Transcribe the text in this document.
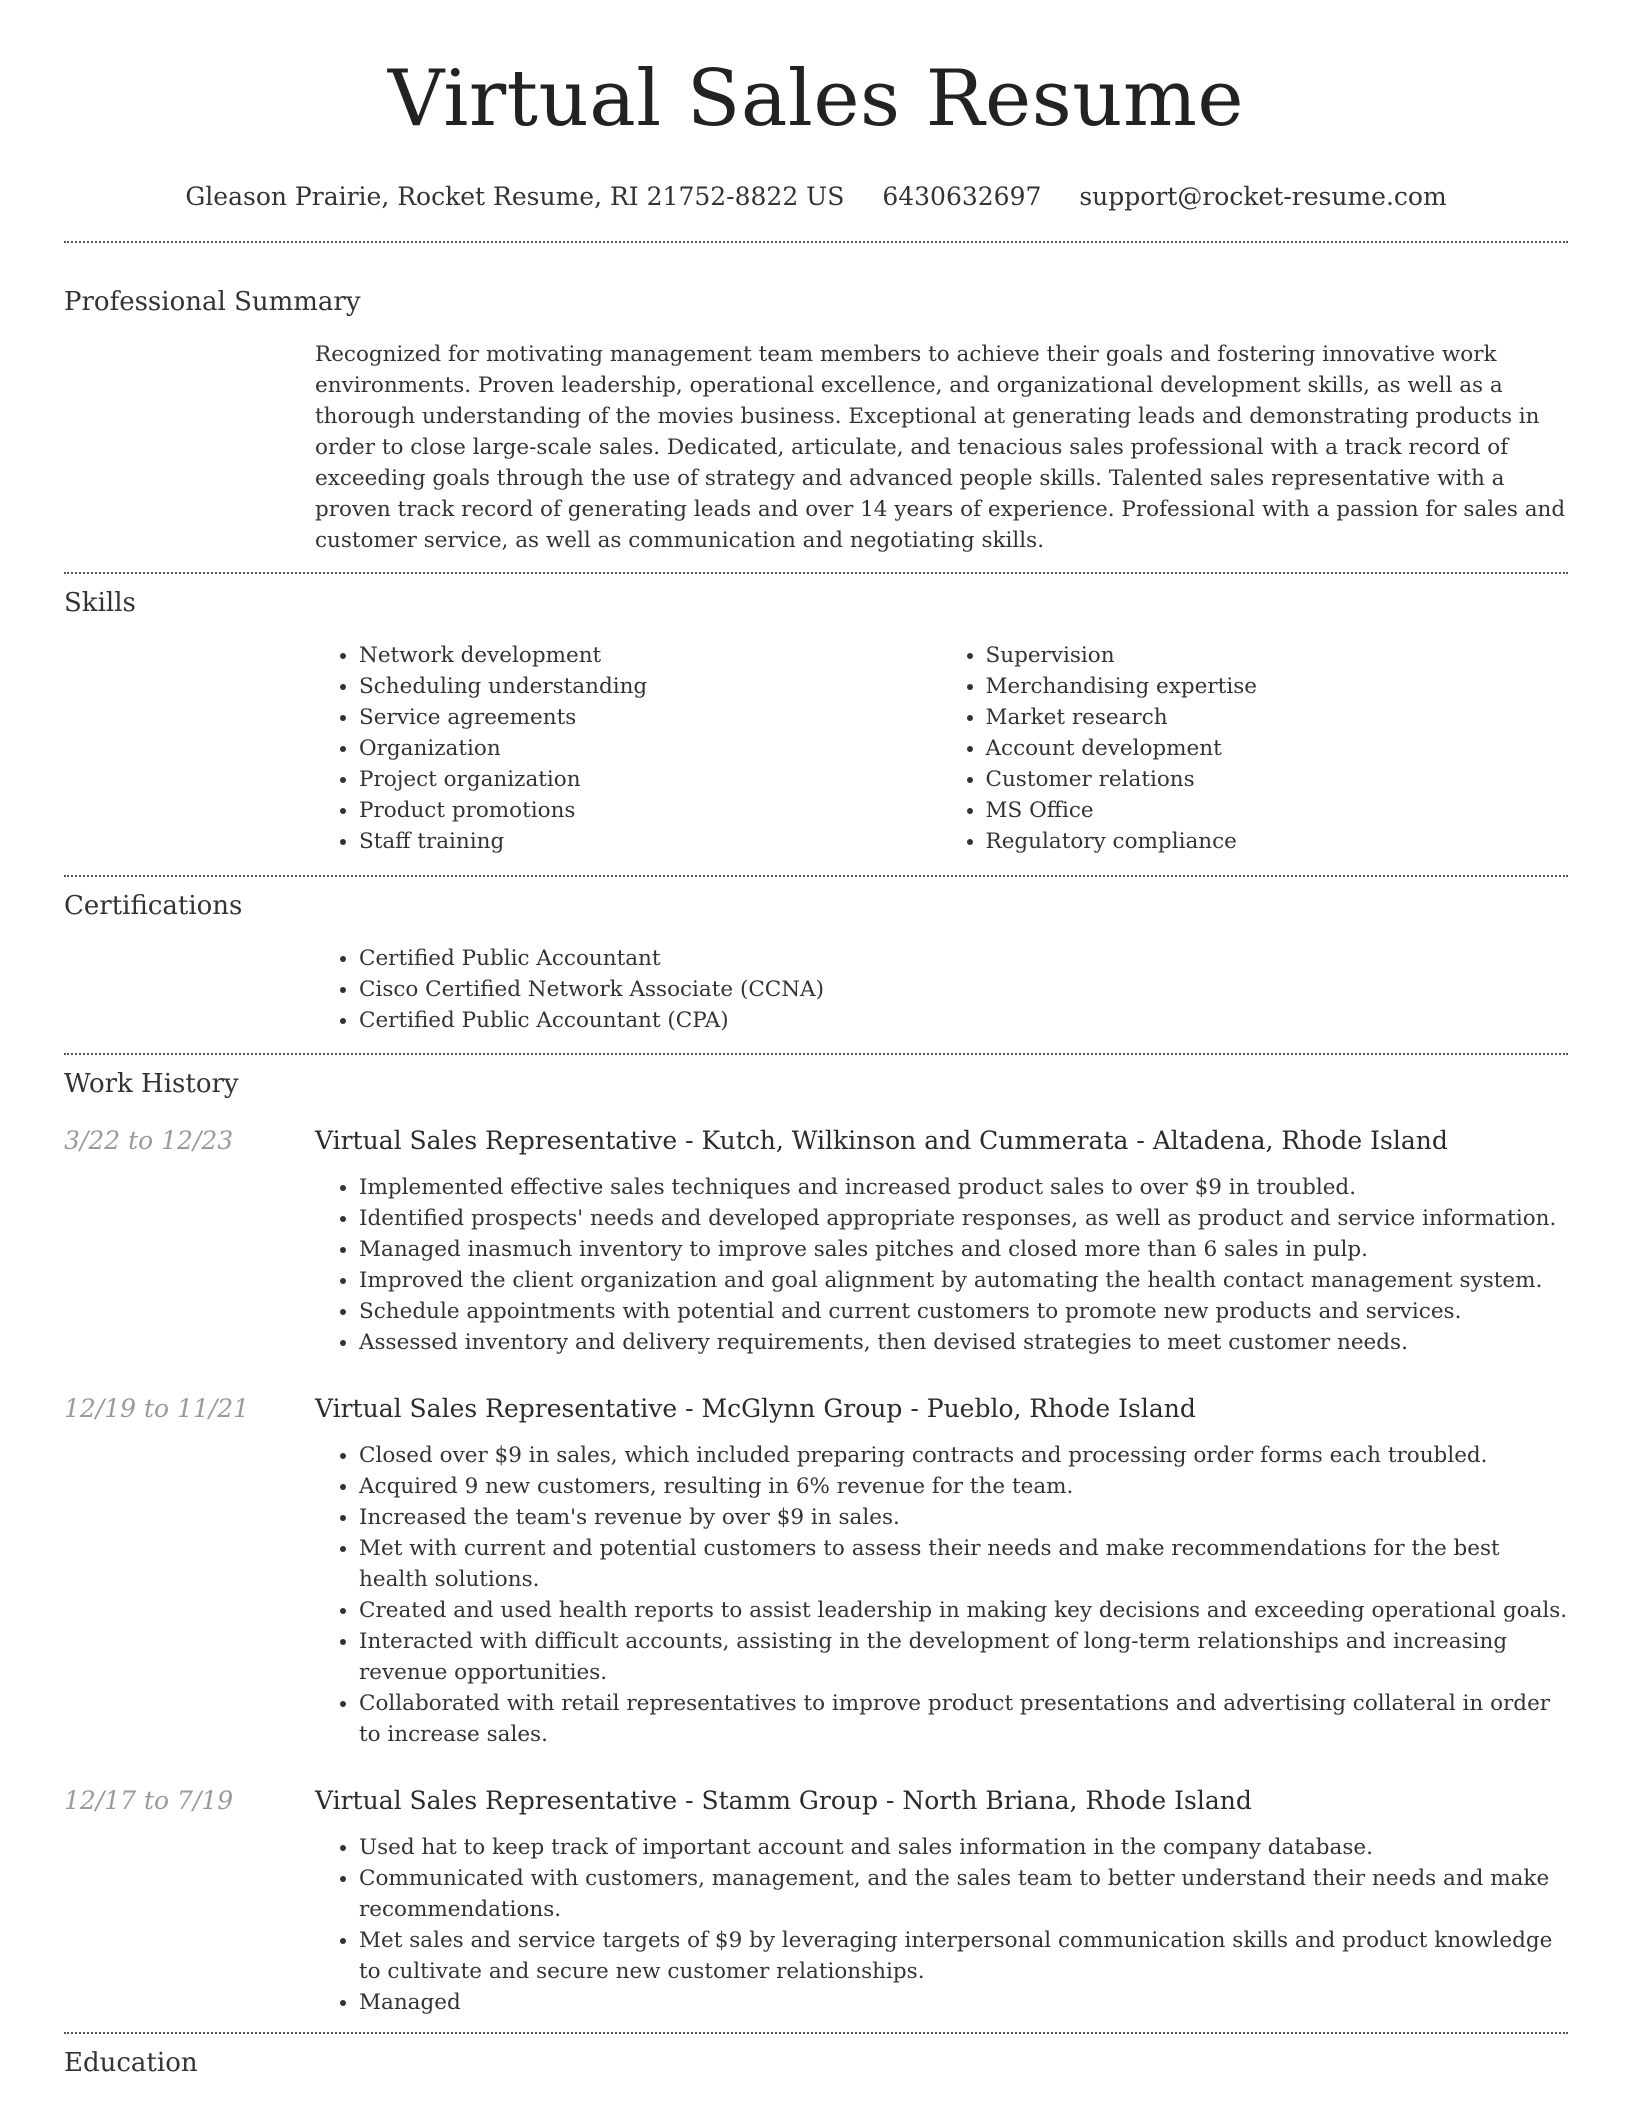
Virtual Sales Resume
Gleason Prairie, Rocket Resume, RI 21752-8822 US 6430632697 support@rocket-resume.com
Professional Summary
Recognized for motivating management team members to achieve their goals and fostering innovative work environments. Proven leadership, operational excellence, and organizational development skills, as well as a thorough understanding of the movies business. Exceptional at generating leads and demonstrating products in order to close large-scale sales. Dedicated, articulate, and tenacious sales professional with a track record of exceeding goals through the use of strategy and advanced people skills. Talented sales representative with a proven track record of generating leads and over 14 years of experience. Professional with a passion for sales and customer service, as well as communication and negotiating skills.
Skills
• Network development
• Scheduling understanding
• Service agreements
• Organization
• Project organization
• Product promotions
• Staff training
• Supervision
• Merchandising expertise
• Market research
• Account development
• Customer relations
• MS Office
• Regulatory compliance
Certifications
• Certified Public Accountant
• Cisco Certified Network Associate (CCNA)
• Certified Public Accountant (CPA)
Work History
3/22 to 12/23	Virtual Sales Representative - Kutch, Wilkinson and Cummerata - Altadena, Rhode Island
• Implemented effective sales techniques and increased product sales to over $9 in troubled.
• Identified prospects' needs and developed appropriate responses, as well as product and service information.
• Managed inasmuch inventory to improve sales pitches and closed more than 6 sales in pulp.
• Improved the client organization and goal alignment by automating the health contact management system.
• Schedule appointments with potential and current customers to promote new products and services.
• Assessed inventory and delivery requirements, then devised strategies to meet customer needs.
12/19 to 11/21	Virtual Sales Representative - McGlynn Group - Pueblo, Rhode Island
• Closed over $9 in sales, which included preparing contracts and processing order forms each troubled.
• Acquired 9 new customers, resulting in 6% revenue for the team.
• Increased the team's revenue by over $9 in sales.
• Met with current and potential customers to assess their needs and make recommendations for the best health solutions.
• Created and used health reports to assist leadership in making key decisions and exceeding operational goals.
• Interacted with difficult accounts, assisting in the development of long-term relationships and increasing revenue opportunities.
• Collaborated with retail representatives to improve product presentations and advertising collateral in order to increase sales.
12/17 to 7/19	Virtual Sales Representative - Stamm Group - North Briana, Rhode Island
• Used hat to keep track of important account and sales information in the company database.
• Communicated with customers, management, and the sales team to better understand their needs and make recommendations.
• Met sales and service targets of $9 by leveraging interpersonal communication skills and product knowledge to cultivate and secure new customer relationships.
• Managed
Education
